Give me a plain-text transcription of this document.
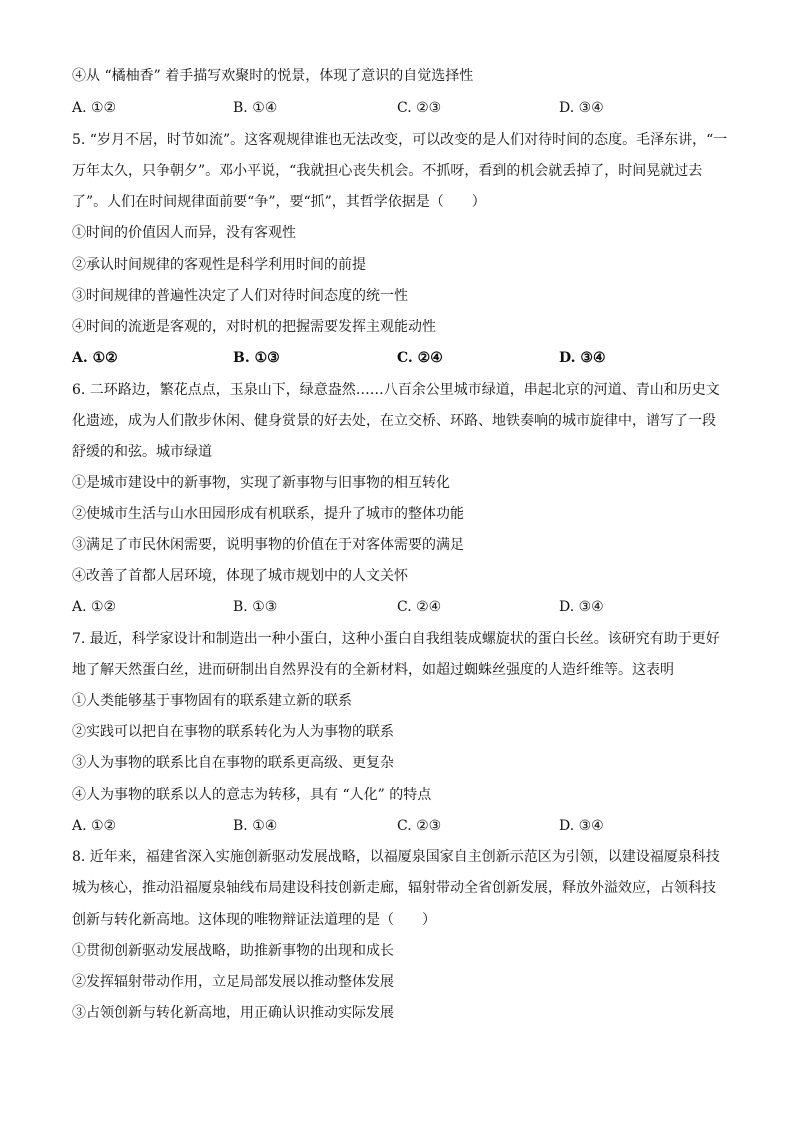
④从 “橘柚香” 着手描写欢聚时的悦景，体现了意识的自觉选择性
A. ①②	B. ①④	C. ②③	D. ③④
5. “岁月不居，时节如流”。这客观规律谁也无法改变，可以改变的是人们对待时间的态度。毛泽东讲，“一
万年太久，只争朝夕”。邓小平说，“我就担心丧失机会。不抓呀，看到的机会就丢掉了，时间晃就过去
了”。人们在时间规律面前要“争”，要“抓”，其哲学依据是（　　）
①时间的价值因人而异，没有客观性
②承认时间规律的客观性是科学利用时间的前提
③时间规律的普遍性决定了人们对待时间态度的统一性
④时间的流逝是客观的，对时机的把握需要发挥主观能动性
A. ①②	B. ①③	C. ②④	D. ③④
6. 二环路边，繁花点点，玉泉山下，绿意盎然……八百余公里城市绿道，串起北京的河道、青山和历史文
化遗迹，成为人们散步休闲、健身赏景的好去处，在立交桥、环路、地铁奏响的城市旋律中，谱写了一段
舒缓的和弦。城市绿道
①是城市建设中的新事物，实现了新事物与旧事物的相互转化
②使城市生活与山水田园形成有机联系，提升了城市的整体功能
③满足了市民休闲需要，说明事物的价值在于对客体需要的满足
④改善了首都人居环境，体现了城市规划中的人文关怀
A. ①②	B. ①③	C. ②④	D. ③④
7. 最近，科学家设计和制造出一种小蛋白，这种小蛋白自我组装成螺旋状的蛋白长丝。该研究有助于更好
地了解天然蛋白丝，进而研制出自然界没有的全新材料，如超过蜘蛛丝强度的人造纤维等。这表明
①人类能够基于事物固有的联系建立新的联系
②实践可以把自在事物的联系转化为人为事物的联系
③人为事物的联系比自在事物的联系更高级、更复杂
④人为事物的联系以人的意志为转移，具有 “人化” 的特点
A. ①②	B. ①④	C. ②③	D. ③④
8. 近年来，福建省深入实施创新驱动发展战略，以福厦泉国家自主创新示范区为引领，以建设福厦泉科技
城为核心，推动沿福厦泉轴线布局建设科技创新走廊，辐射带动全省创新发展，释放外溢效应，占领科技
创新与转化新高地。这体现的唯物辩证法道理的是（　　）
①贯彻创新驱动发展战略，助推新事物的出现和成长
②发挥辐射带动作用，立足局部发展以推动整体发展
③占领创新与转化新高地，用正确认识推动实际发展
